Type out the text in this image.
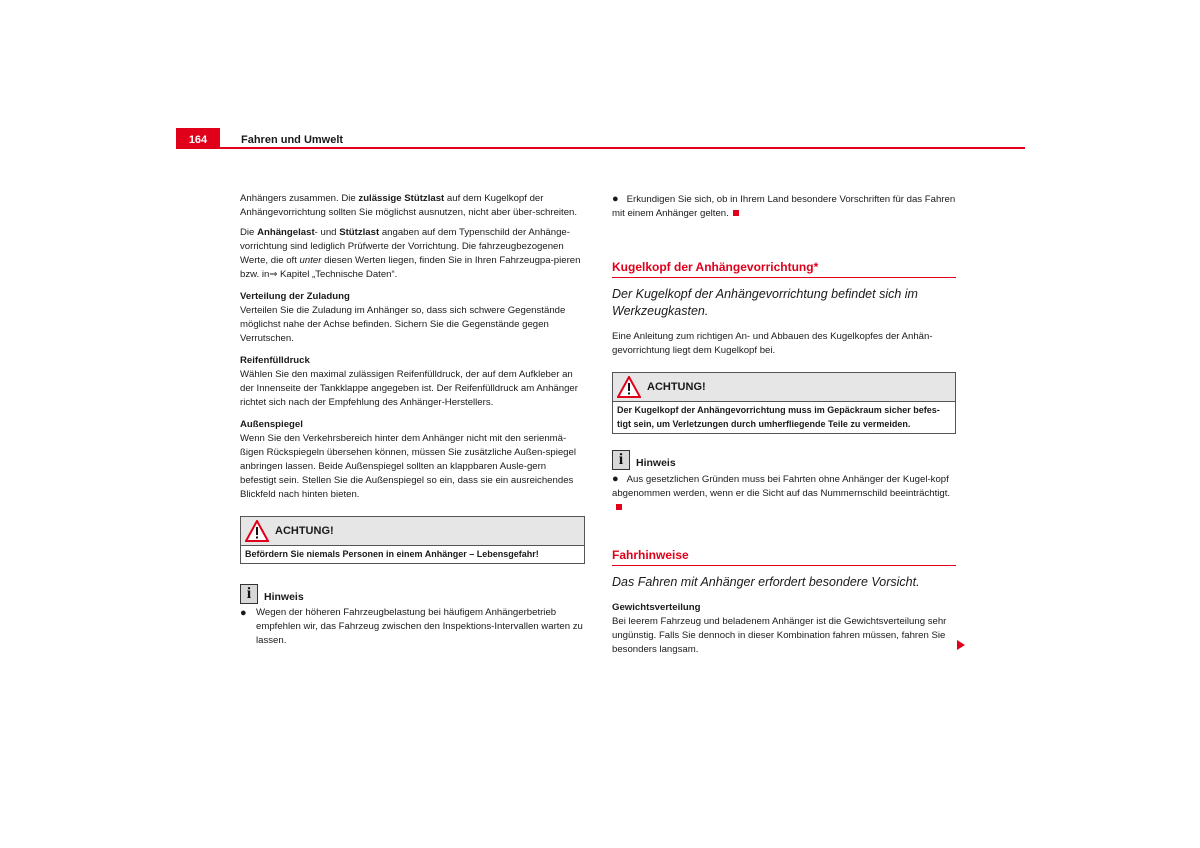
164	Fahren und Umwelt

Anhängers zusammen. Die zulässige Stützlast auf dem Kugelkopf der Anhängevorrichtung sollten Sie möglichst ausnutzen, nicht aber über-schreiten.

Die Anhängelast- und Stützlast angaben auf dem Typenschild der Anhänge-vorrichtung sind lediglich Prüfwerte der Vorrichtung. Die fahrzeugbezogenen Werte, die oft unter diesen Werten liegen, finden Sie in Ihren Fahrzeugpa-pieren bzw. in⇒ Kapitel „Technische Daten“.

Verteilung der Zuladung

Verteilen Sie die Zuladung im Anhänger so, dass sich schwere Gegenstände möglichst nahe der Achse befinden. Sichern Sie die Gegenstände gegen Verrutschen.

Reifenfülldruck

Wählen Sie den maximal zulässigen Reifenfülldruck, der auf dem Aufkleber an der Innenseite der Tankklappe angegeben ist. Der Reifenfülldruck am Anhänger richtet sich nach der Empfehlung des Anhänger-Herstellers.

Außenspiegel

Wenn Sie den Verkehrsbereich hinter dem Anhänger nicht mit den serienmä-ßigen Rückspiegeln übersehen können, müssen Sie zusätzliche Außen-spiegel anbringen lassen. Beide Außenspiegel sollten an klappbaren Ausle-gern befestigt sein. Stellen Sie die Außenspiegel so ein, dass sie ein ausreichendes Blickfeld nach hinten bieten.

ACHTUNG!
Befördern Sie niemals Personen in einem Anhänger – Lebensgefahr!
i	Hinweis

● Wegen der höheren Fahrzeugbelastung bei häufigem Anhängerbetrieb empfehlen wir, das Fahrzeug zwischen den Inspektions-Intervallen warten zu lassen.

● Erkundigen Sie sich, ob in Ihrem Land besondere Vorschriften für das Fahren mit einem Anhänger gelten.

Kugelkopf der Anhängevorrichtung*
Der Kugelkopf der Anhängevorrichtung befindet sich im Werkzeugkasten.

Eine Anleitung zum richtigen An- und Abbauen des Kugelkopfes der Anhän-gevorrichtung liegt dem Kugelkopf bei.

ACHTUNG!
Der Kugelkopf der Anhängevorrichtung muss im Gepäckraum sicher befes-tigt sein, um Verletzungen durch umherfliegende Teile zu vermeiden.
i	Hinweis

● Aus gesetzlichen Gründen muss bei Fahrten ohne Anhänger der Kugel-kopf abgenommen werden, wenn er die Sicht auf das Nummernschild beeinträchtigt.

Fahrhinweise
Das Fahren mit Anhänger erfordert besondere Vorsicht.

Gewichtsverteilung

Bei leerem Fahrzeug und beladenem Anhänger ist die Gewichtsverteilung sehr ungünstig. Falls Sie dennoch in dieser Kombination fahren müssen, fahren Sie besonders langsam.
